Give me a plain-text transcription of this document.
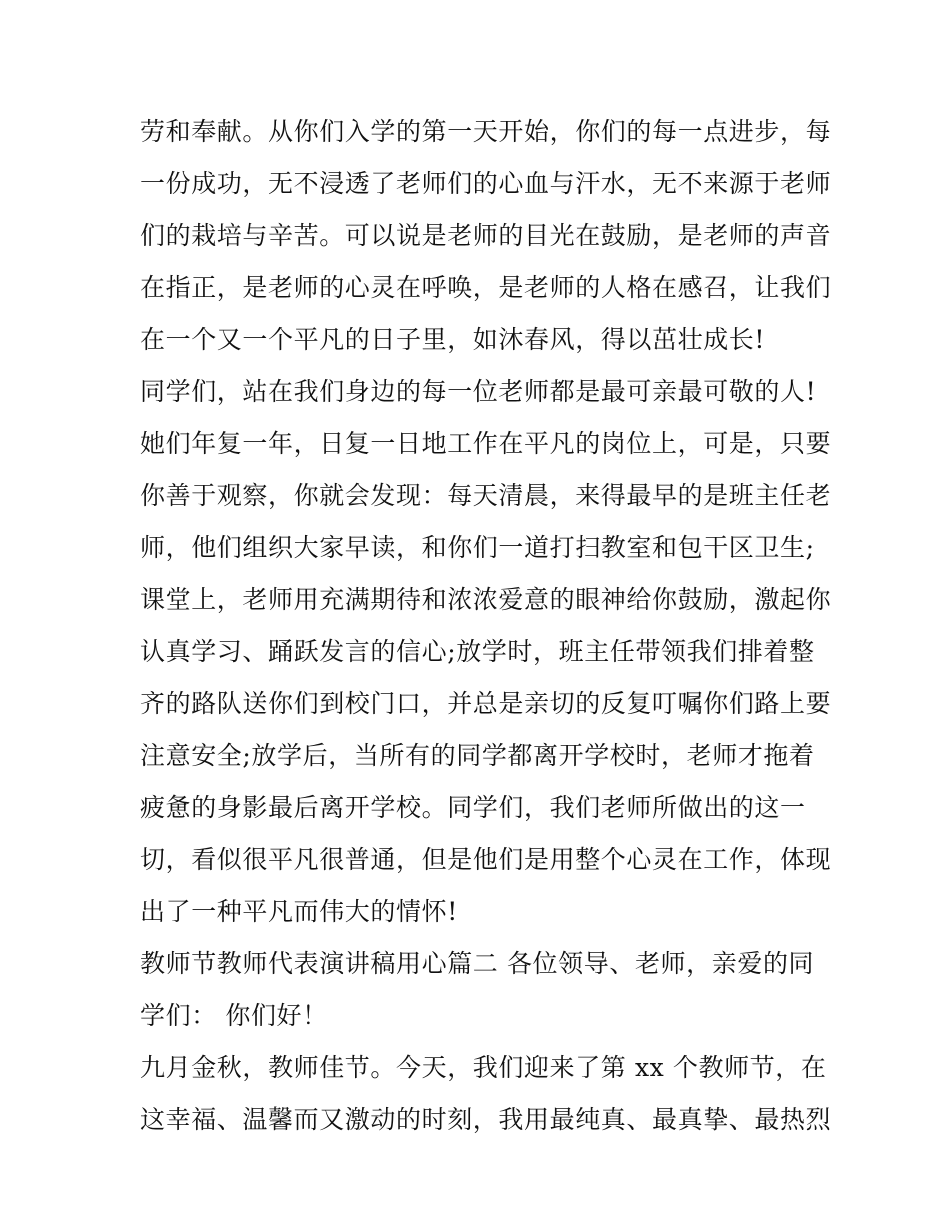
劳和奉献。从你们入学的第一天开始，你们的每一点进步，每
一份成功，无不浸透了老师们的心血与汗水，无不来源于老师
们的栽培与辛苦。可以说是老师的目光在鼓励，是老师的声音
在指正，是老师的心灵在呼唤，是老师的人格在感召，让我们
在一个又一个平凡的日子里，如沐春风，得以茁壮成长!
同学们，站在我们身边的每一位老师都是最可亲最可敬的人!
她们年复一年，日复一日地工作在平凡的岗位上，可是，只要
你善于观察，你就会发现：每天清晨，来得最早的是班主任老
师，他们组织大家早读，和你们一道打扫教室和包干区卫生;
课堂上，老师用充满期待和浓浓爱意的眼神给你鼓励，激起你
认真学习、踊跃发言的信心;放学时，班主任带领我们排着整
齐的路队送你们到校门口，并总是亲切的反复叮嘱你们路上要
注意安全;放学后，当所有的同学都离开学校时，老师才拖着
疲惫的身影最后离开学校。同学们，我们老师所做出的这一
切，看似很平凡很普通，但是他们是用整个心灵在工作，体现
出了一种平凡而伟大的情怀!
教师节教师代表演讲稿用心篇二 各位领导、老师，亲爱的同
学们： 你们好！
九月金秋，教师佳节。今天，我们迎来了第 xx 个教师节，在
这幸福、温馨而又激动的时刻，我用最纯真、最真挚、最热烈
